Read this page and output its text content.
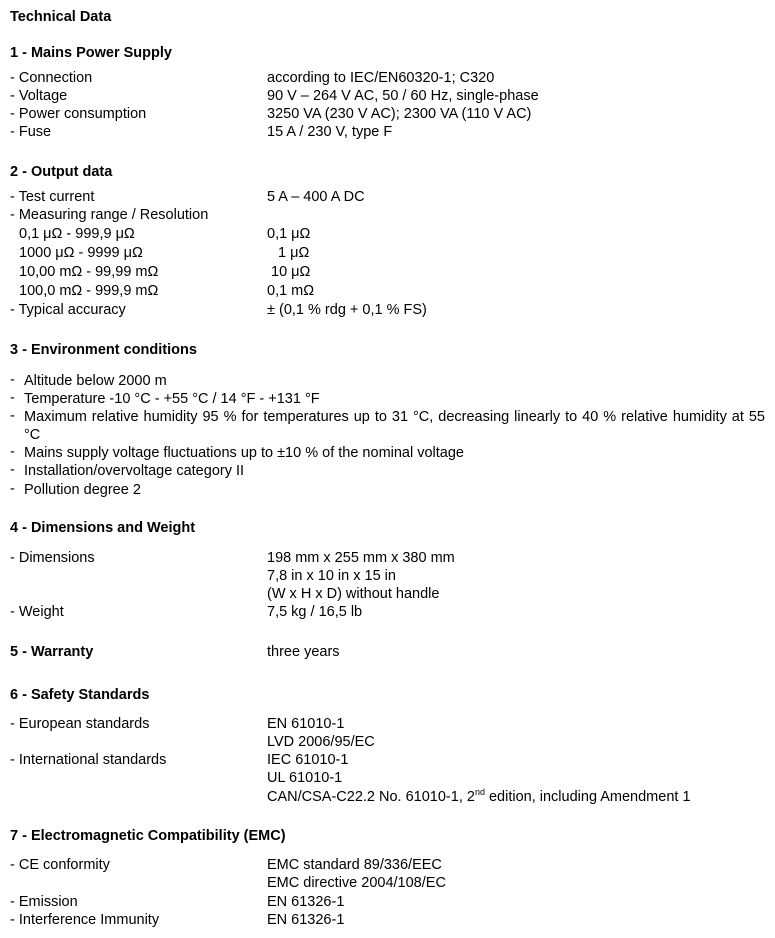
Technical Data
1 - Mains Power Supply
- Connection	according to IEC/EN60320-1; C320
- Voltage	90 V – 264 V AC, 50 / 60 Hz, single-phase
- Power consumption	3250 VA (230 V AC); 2300 VA (110 V AC)
- Fuse	15 A / 230 V, type F
2 - Output data
- Test current	5 A – 400 A DC
- Measuring range / Resolution
0,1 μΩ - 999,9 μΩ	0,1 μΩ
1000 μΩ - 9999 μΩ	1 μΩ
10,00 mΩ - 99,99 mΩ	10 μΩ
100,0 mΩ - 999,9 mΩ	0,1 mΩ
- Typical accuracy	± (0,1 % rdg + 0,1 % FS)
3 - Environment conditions
- Altitude below 2000 m
- Temperature -10 °C - +55 °C / 14 °F - +131 °F
- Maximum relative humidity 95 % for temperatures up to 31 °C, decreasing linearly to 40 % relative humidity at 55 °C
- Mains supply voltage fluctuations up to ±10 % of the nominal voltage
- Installation/overvoltage category II
- Pollution degree 2
4 - Dimensions and Weight
- Dimensions	198 mm x 255 mm x 380 mm
7,8 in x 10 in x 15 in
(W x H x D) without handle
- Weight	7,5 kg / 16,5 lb
5 - Warranty	three years
6 - Safety Standards
- European standards	EN 61010-1
LVD 2006/95/EC
- International standards	IEC 61010-1
UL 61010-1
CAN/CSA-C22.2 No. 61010-1, 2nd edition, including Amendment 1
7 - Electromagnetic Compatibility (EMC)
- CE conformity	EMC standard 89/336/EEC
EMC directive 2004/108/EC
- Emission	EN 61326-1
- Interference Immunity	EN 61326-1
